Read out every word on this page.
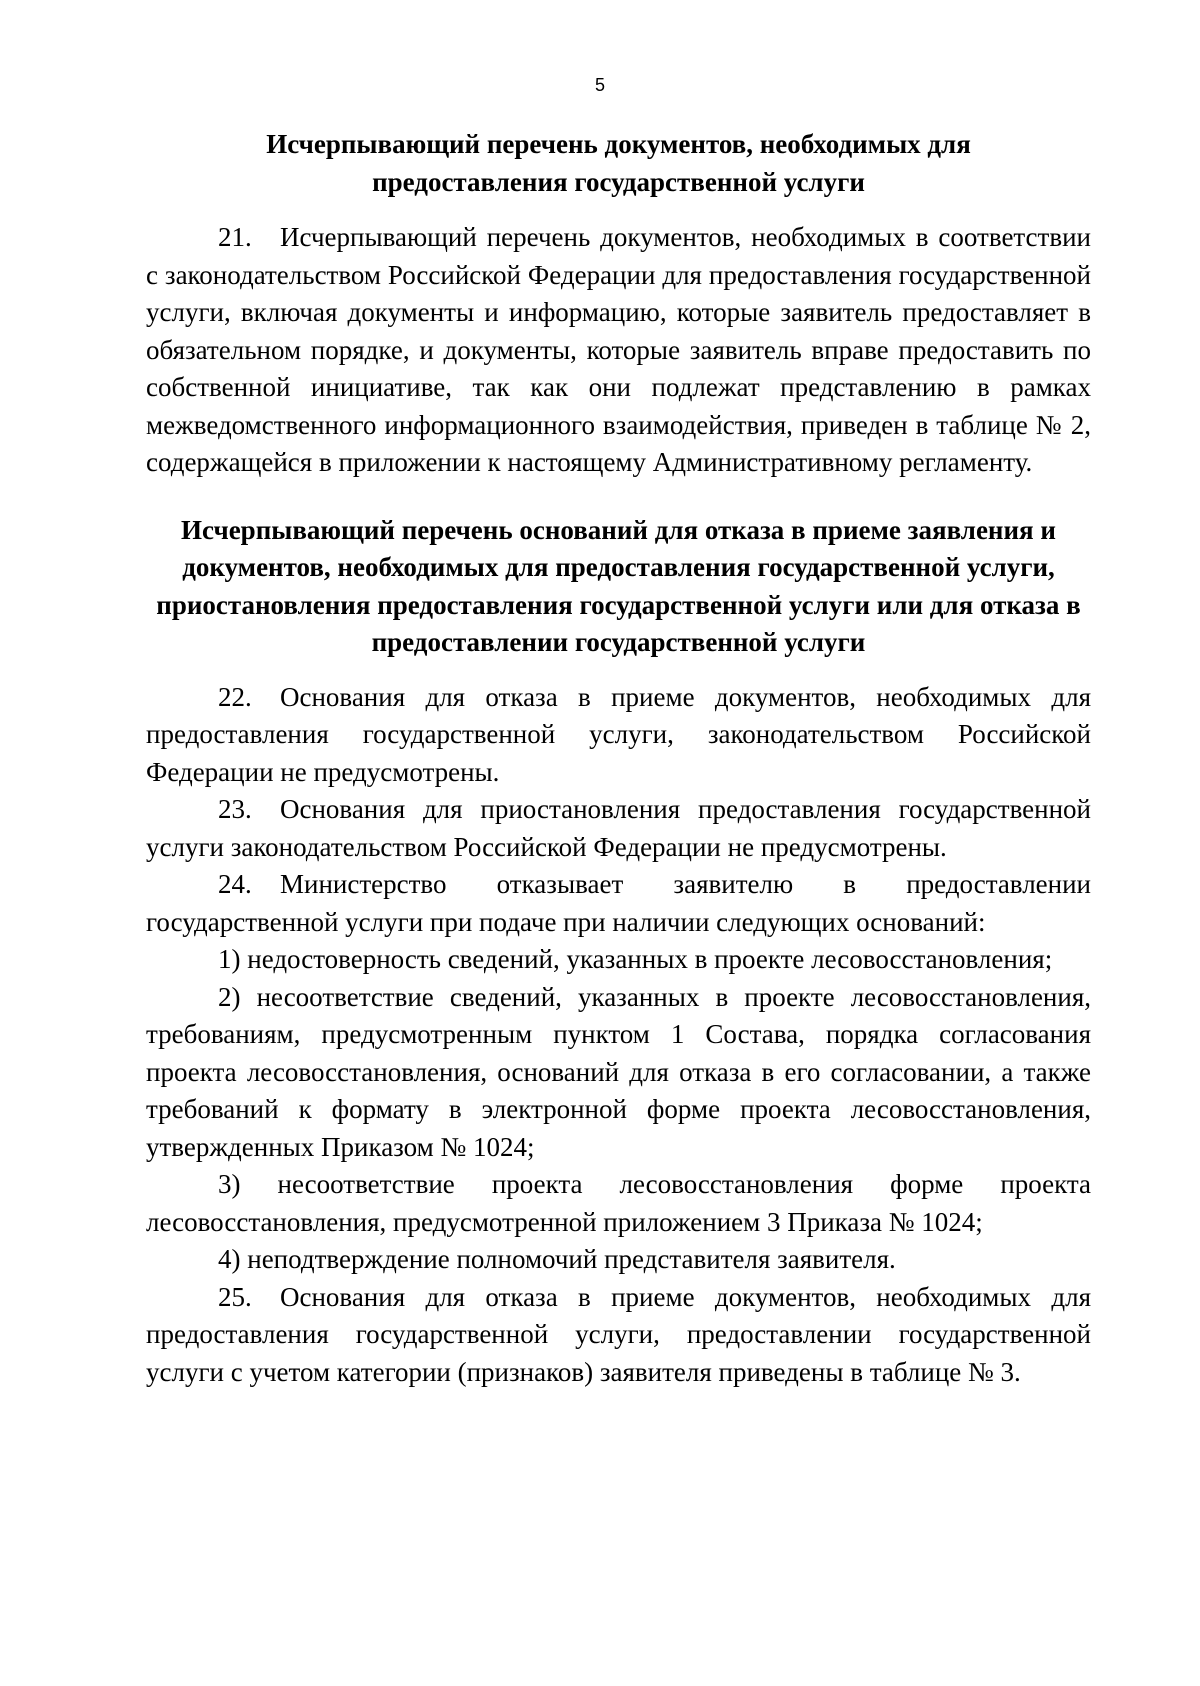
5
Исчерпывающий перечень документов, необходимых для предоставления государственной услуги

21. Исчерпывающий перечень документов, необходимых в соответствии с законодательством Российской Федерации для предоставления государственной услуги, включая документы и информацию, которые заявитель предоставляет в обязательном порядке, и документы, которые заявитель вправе предоставить по собственной инициативе, так как они подлежат представлению в рамках межведомственного информационного взаимодействия, приведен в таблице № 2, содержащейся в приложении к настоящему Административному регламенту.

Исчерпывающий перечень оснований для отказа в приеме заявления и документов, необходимых для предоставления государственной услуги, приостановления предоставления государственной услуги или для отказа в предоставлении государственной услуги

22. Основания для отказа в приеме документов, необходимых для предоставления государственной услуги, законодательством Российской Федерации не предусмотрены.

23. Основания для приостановления предоставления государственной услуги законодательством Российской Федерации не предусмотрены.

24. Министерство отказывает заявителю в предоставлении государственной услуги при подаче при наличии следующих оснований:

1) недостоверность сведений, указанных в проекте лесовосстановления;

2) несоответствие сведений, указанных в проекте лесовосстановления, требованиям, предусмотренным пунктом 1 Состава, порядка согласования проекта лесовосстановления, оснований для отказа в его согласовании, а также требований к формату в электронной форме проекта лесовосстановления, утвержденных Приказом № 1024;

3) несоответствие проекта лесовосстановления форме проекта лесовосстановления, предусмотренной приложением 3 Приказа № 1024;

4) неподтверждение полномочий представителя заявителя.

25. Основания для отказа в приеме документов, необходимых для предоставления государственной услуги, предоставлении государственной услуги с учетом категории (признаков) заявителя приведены в таблице № 3.
